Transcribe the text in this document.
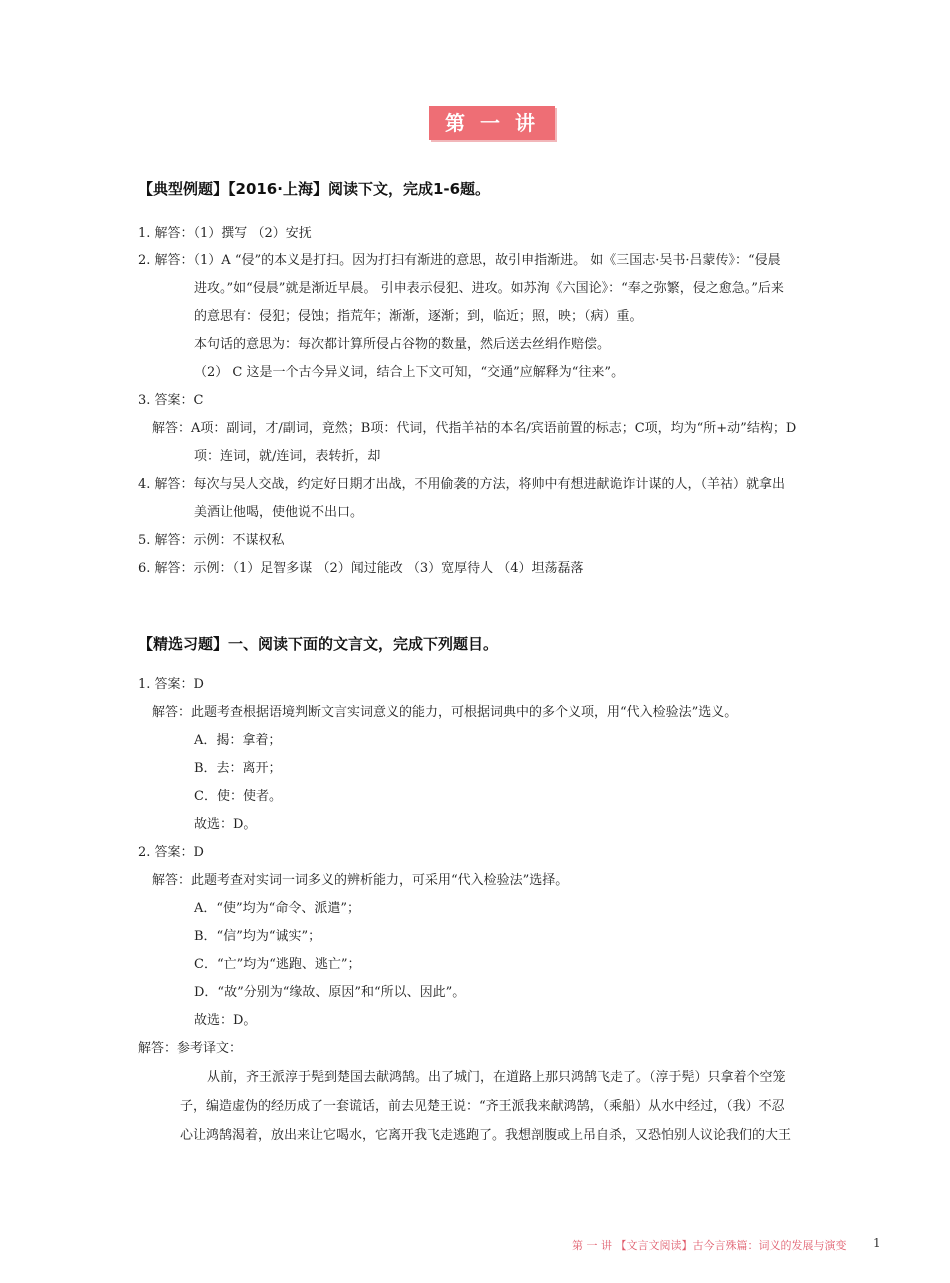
第 一 讲
【典型例题】【2016·上海】阅读下文，完成1-6题。
1. 解答：（1）撰写 （2）安抚
2. 解答：（1）A “侵”的本义是打扫。因为打扫有渐进的意思，故引申指渐进。 如《三国志·吴书·吕蒙传》：“侵晨
进攻。”如“侵晨”就是渐近早晨。 引申表示侵犯、进攻。如苏洵《六国论》：“奉之弥繁，侵之愈急。”后来
的意思有：侵犯；侵蚀；指荒年；渐渐，逐渐；到，临近；照，映；（病）重。
本句话的意思为：每次都计算所侵占谷物的数量，然后送去丝绢作赔偿。
（2） C 这是一个古今异义词，结合上下文可知，“交通”应解释为“往来”。
3. 答案：C
解答：A项：副词，才/副词，竟然；B项：代词，代指羊祜的本名/宾语前置的标志；C项，均为“所+动”结构；D
项：连词，就/连词，表转折，却
4. 解答：每次与吴人交战，约定好日期才出战，不用偷袭的方法，将帅中有想进献诡诈计谋的人，（羊祜）就拿出
美酒让他喝，使他说不出口。
5. 解答：示例：不谋权私
6. 解答：示例：（1）足智多谋 （2）闻过能改 （3）宽厚待人 （4）坦荡磊落
【精选习题】一、阅读下面的文言文，完成下列题目。
1. 答案：D
解答：此题考查根据语境判断文言实词意义的能力，可根据词典中的多个义项，用“代入检验法”选义。
A．揭：拿着；
B．去：离开；
C．使：使者。
故选：D。
2. 答案：D
解答：此题考查对实词一词多义的辨析能力，可采用“代入检验法”选择。
A．“使”均为“命令、派遣”；
B．“信”均为“诚实”；
C．“亡”均为“逃跑、逃亡”；
D．“故”分别为“缘故、原因”和“所以、因此”。
故选：D。
解答：参考译文：
从前，齐王派淳于髡到楚国去献鸿鹄。出了城门，在道路上那只鸿鹄飞走了。（淳于髡）只拿着个空笼
子，编造虚伪的经历成了一套谎话，前去见楚王说：“齐王派我来献鸿鹄，（乘船）从水中经过，（我）不忍
心让鸿鹄渴着，放出来让它喝水，它离开我飞走逃跑了。我想剖腹或上吊自杀，又恐怕别人议论我们的大王
第 一 讲 【文言文阅读】古今言殊篇：词义的发展与演变 1
